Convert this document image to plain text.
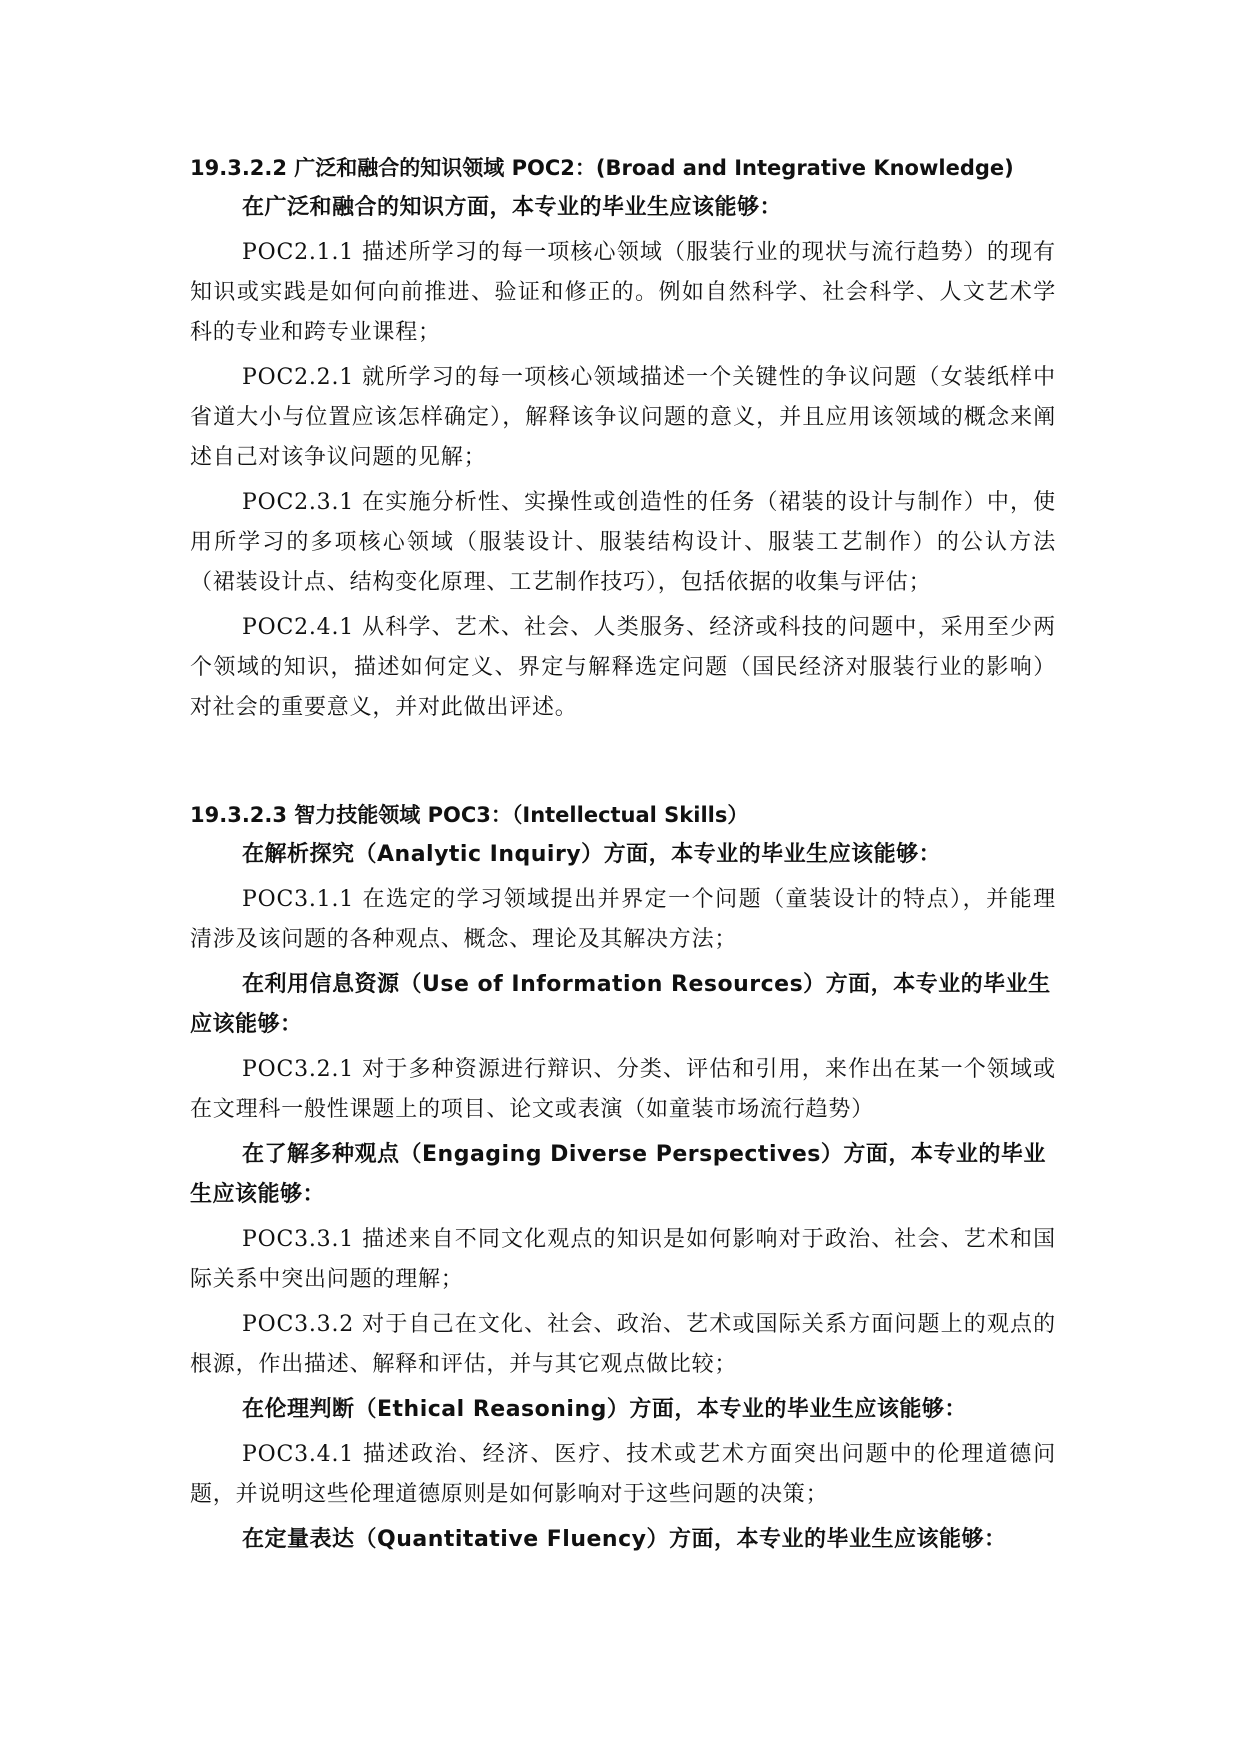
19.3.2.2 广泛和融合的知识领域 POC2：(Broad and Integrative Knowledge)

在广泛和融合的知识方面，本专业的毕业生应该能够：

POC2.1.1 描述所学习的每一项核心领域（服装行业的现状与流行趋势）的现有知识或实践是如何向前推进、验证和修正的。例如自然科学、社会科学、人文艺术学科的专业和跨专业课程；

POC2.2.1 就所学习的每一项核心领域描述一个关键性的争议问题（女装纸样中省道大小与位置应该怎样确定），解释该争议问题的意义，并且应用该领域的概念来阐述自己对该争议问题的见解；

POC2.3.1 在实施分析性、实操性或创造性的任务（裙装的设计与制作）中，使用所学习的多项核心领域（服装设计、服装结构设计、服装工艺制作）的公认方法（裙装设计点、结构变化原理、工艺制作技巧），包括依据的收集与评估；

POC2.4.1 从科学、艺术、社会、人类服务、经济或科技的问题中，采用至少两个领域的知识，描述如何定义、界定与解释选定问题（国民经济对服装行业的影响）对社会的重要意义，并对此做出评述。

19.3.2.3 智力技能领域 POC3：（Intellectual Skills）

在解析探究（Analytic Inquiry）方面，本专业的毕业生应该能够：

POC3.1.1 在选定的学习领域提出并界定一个问题（童装设计的特点），并能理清涉及该问题的各种观点、概念、理论及其解决方法；

在利用信息资源（Use of Information Resources）方面，本专业的毕业生应该能够：

POC3.2.1 对于多种资源进行辩识、分类、评估和引用，来作出在某一个领域或在文理科一般性课题上的项目、论文或表演（如童装市场流行趋势）

在了解多种观点（Engaging Diverse Perspectives）方面，本专业的毕业生应该能够：

POC3.3.1 描述来自不同文化观点的知识是如何影响对于政治、社会、艺术和国际关系中突出问题的理解；

POC3.3.2 对于自己在文化、社会、政治、艺术或国际关系方面问题上的观点的根源，作出描述、解释和评估，并与其它观点做比较；

在伦理判断（Ethical Reasoning）方面，本专业的毕业生应该能够：

POC3.4.1 描述政治、经济、医疗、技术或艺术方面突出问题中的伦理道德问题，并说明这些伦理道德原则是如何影响对于这些问题的决策；

在定量表达（Quantitative Fluency）方面，本专业的毕业生应该能够：
